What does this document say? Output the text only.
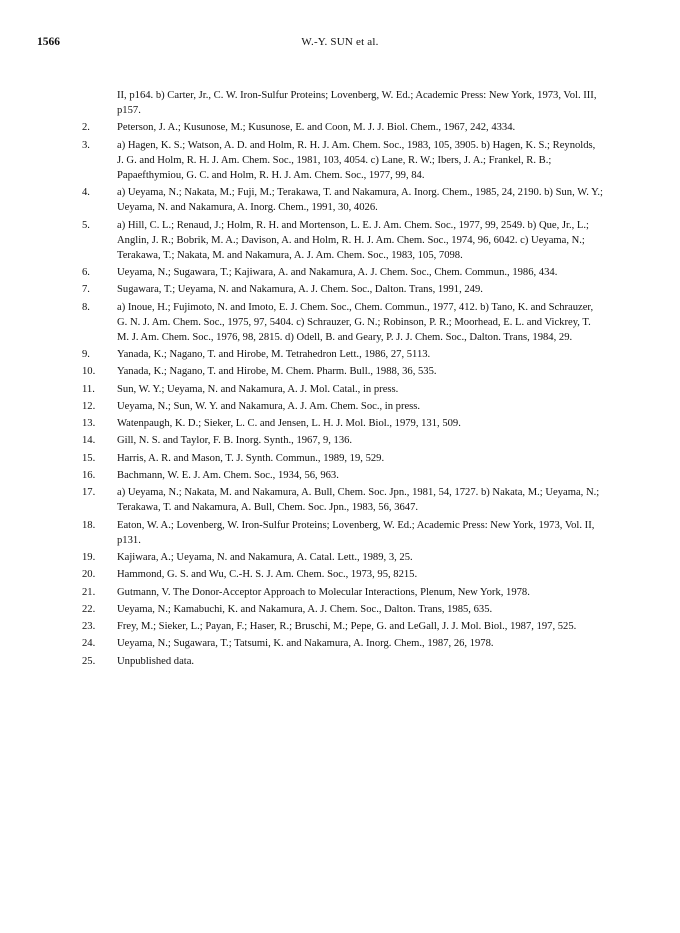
1566	W.-Y. SUN et al.
II, p164. b) Carter, Jr., C. W. Iron-Sulfur Proteins; Lovenberg, W. Ed.; Academic Press: New York, 1973, Vol. III, p157.
2.	Peterson, J. A.; Kusunose, M.; Kusunose, E. and Coon, M. J. J. Biol. Chem., 1967, 242, 4334.
3.	a) Hagen, K. S.; Watson, A. D. and Holm, R. H. J. Am. Chem. Soc., 1983, 105, 3905. b) Hagen, K. S.; Reynolds, J. G. and Holm, R. H. J. Am. Chem. Soc., 1981, 103, 4054. c) Lane, R. W.; Ibers, J. A.; Frankel, R. B.; Papaefthymiou, G. C. and Holm, R. H. J. Am. Chem. Soc., 1977, 99, 84.
4.	a) Ueyama, N.; Nakata, M.; Fuji, M.; Terakawa, T. and Nakamura, A. Inorg. Chem., 1985, 24, 2190. b) Sun, W. Y.; Ueyama, N. and Nakamura, A. Inorg. Chem., 1991, 30, 4026.
5.	a) Hill, C. L.; Renaud, J.; Holm, R. H. and Mortenson, L. E. J. Am. Chem. Soc., 1977, 99, 2549. b) Que, Jr., L.; Anglin, J. R.; Bobrik, M. A.; Davison, A. and Holm, R. H. J. Am. Chem. Soc., 1974, 96, 6042. c) Ueyama, N.; Terakawa, T.; Nakata, M. and Nakamura, A. J. Am. Chem. Soc., 1983, 105, 7098.
6.	Ueyama, N.; Sugawara, T.; Kajiwara, A. and Nakamura, A. J. Chem. Soc., Chem. Commun., 1986, 434.
7.	Sugawara, T.; Ueyama, N. and Nakamura, A. J. Chem. Soc., Dalton. Trans, 1991, 249.
8.	a) Inoue, H.; Fujimoto, N. and Imoto, E. J. Chem. Soc., Chem. Commun., 1977, 412. b) Tano, K. and Schrauzer, G. N. J. Am. Chem. Soc., 1975, 97, 5404. c) Schrauzer, G. N.; Robinson, P. R.; Moorhead, E. L. and Vickrey, T. M. J. Am. Chem. Soc., 1976, 98, 2815. d) Odell, B. and Geary, P. J. J. Chem. Soc., Dalton. Trans, 1984, 29.
9.	Yanada, K.; Nagano, T. and Hirobe, M. Tetrahedron Lett., 1986, 27, 5113.
10. Yanada, K.; Nagano, T. and Hirobe, M. Chem. Pharm. Bull., 1988, 36, 535.
11. Sun, W. Y.; Ueyama, N. and Nakamura, A. J. Mol. Catal., in press.
12. Ueyama, N.; Sun, W. Y. and Nakamura, A. J. Am. Chem. Soc., in press.
13. Watenpaugh, K. D.; Sieker, L. C. and Jensen, L. H. J. Mol. Biol., 1979, 131, 509.
14. Gill, N. S. and Taylor, F. B. Inorg. Synth., 1967, 9, 136.
15. Harris, A. R. and Mason, T. J. Synth. Commun., 1989, 19, 529.
16. Bachmann, W. E. J. Am. Chem. Soc., 1934, 56, 963.
17. a) Ueyama, N.; Nakata, M. and Nakamura, A. Bull, Chem. Soc. Jpn., 1981, 54, 1727. b) Nakata, M.; Ueyama, N.; Terakawa, T. and Nakamura, A. Bull, Chem. Soc. Jpn., 1983, 56, 3647.
18. Eaton, W. A.; Lovenberg, W. Iron-Sulfur Proteins; Lovenberg, W. Ed.; Academic Press: New York, 1973, Vol. II, p131.
19. Kajiwara, A.; Ueyama, N. and Nakamura, A. Catal. Lett., 1989, 3, 25.
20. Hammond, G. S. and Wu, C.-H. S. J. Am. Chem. Soc., 1973, 95, 8215.
21. Gutmann, V. The Donor-Acceptor Approach to Molecular Interactions, Plenum, New York, 1978.
22. Ueyama, N.; Kamabuchi, K. and Nakamura, A. J. Chem. Soc., Dalton. Trans, 1985, 635.
23. Frey, M.; Sieker, L.; Payan, F.; Haser, R.; Bruschi, M.; Pepe, G. and LeGall, J. J. Mol. Biol., 1987, 197, 525.
24. Ueyama, N.; Sugawara, T.; Tatsumi, K. and Nakamura, A. Inorg. Chem., 1987, 26, 1978.
25. Unpublished data.
